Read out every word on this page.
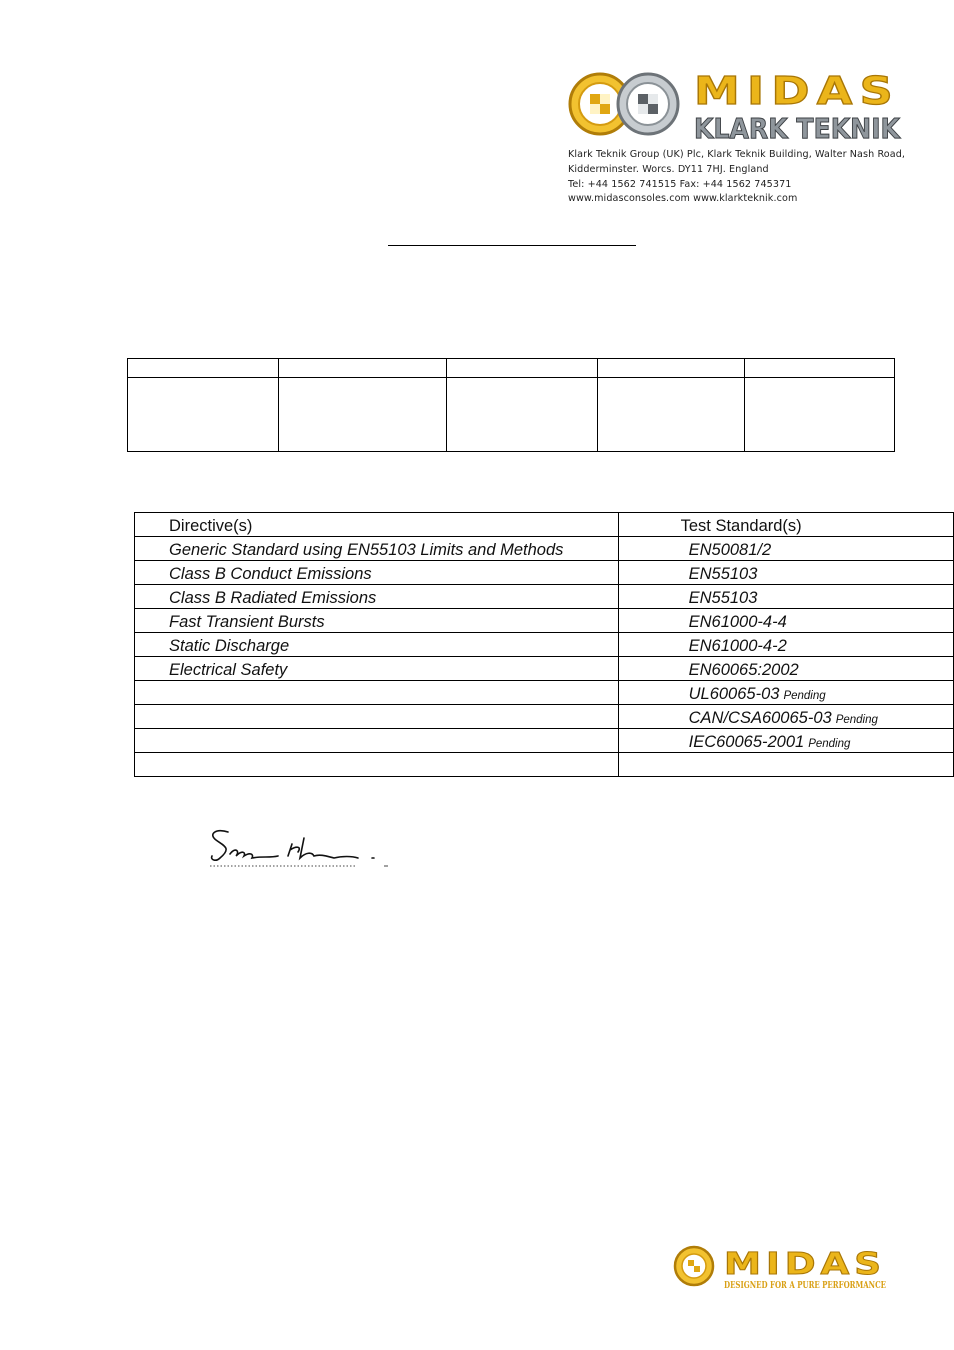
MIDAS
KLARK TEKNIK
Klark Teknik Group (UK) Plc, Klark Teknik Building, Walter Nash Road,
Kidderminster. Worcs. DY11 7HJ. England
Tel: +44 1562 741515 Fax: +44 1562 745371
www.midasconsoles.com www.klarkteknik.com

Directive(s)	Test Standard(s)
Generic Standard using EN55103 Limits and Methods	EN50081/2
Class B Conduct Emissions	EN55103
Class B Radiated Emissions	EN55103
Fast Transient Bursts	EN61000-4-4
Static Discharge	EN61000-4-2
Electrical Safety	EN60065:2002
	UL60065-03 Pending
	CAN/CSA60065-03 Pending
	IEC60065-2001 Pending

MIDAS
DESIGNED FOR A PURE PERFORMANCE
